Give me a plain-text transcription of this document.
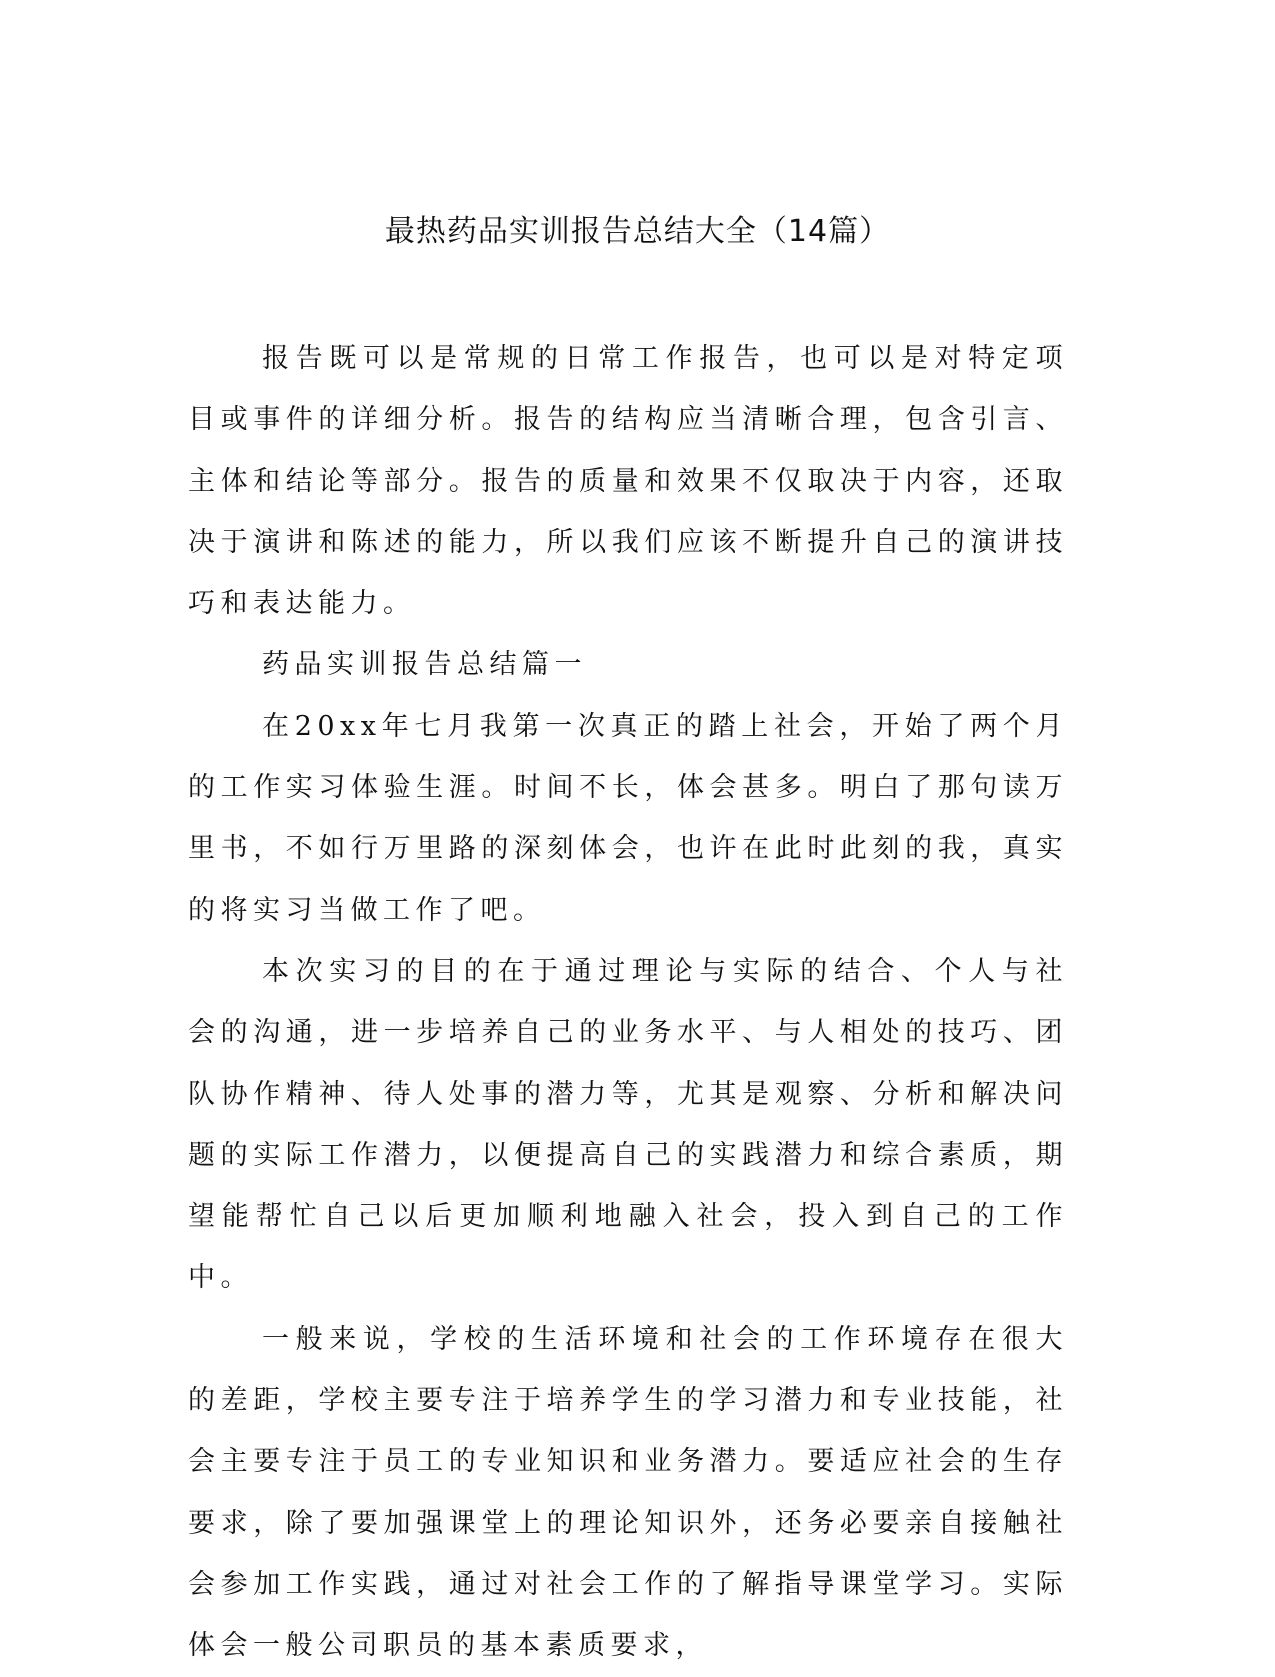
最热药品实训报告总结大全（14篇）

报告既可以是常规的日常工作报告，也可以是对特定项目或事件的详细分析。报告的结构应当清晰合理，包含引言、主体和结论等部分。报告的质量和效果不仅取决于内容，还取决于演讲和陈述的能力，所以我们应该不断提升自己的演讲技巧和表达能力。

药品实训报告总结篇一

在20xx年七月我第一次真正的踏上社会，开始了两个月的工作实习体验生涯。时间不长，体会甚多。明白了那句读万里书，不如行万里路的深刻体会，也许在此时此刻的我，真实的将实习当做工作了吧。

本次实习的目的在于通过理论与实际的结合、个人与社会的沟通，进一步培养自己的业务水平、与人相处的技巧、团队协作精神、待人处事的潜力等，尤其是观察、分析和解决问题的实际工作潜力，以便提高自己的实践潜力和综合素质，期望能帮忙自己以后更加顺利地融入社会，投入到自己的工作中。

一般来说，学校的生活环境和社会的工作环境存在很大的差距，学校主要专注于培养学生的学习潜力和专业技能，社会主要专注于员工的专业知识和业务潜力。要适应社会的生存要求，除了要加强课堂上的理论知识外，还务必要亲自接触社会参加工作实践，通过对社会工作的了解指导课堂学习。实际体会一般公司职员的基本素质要求，
